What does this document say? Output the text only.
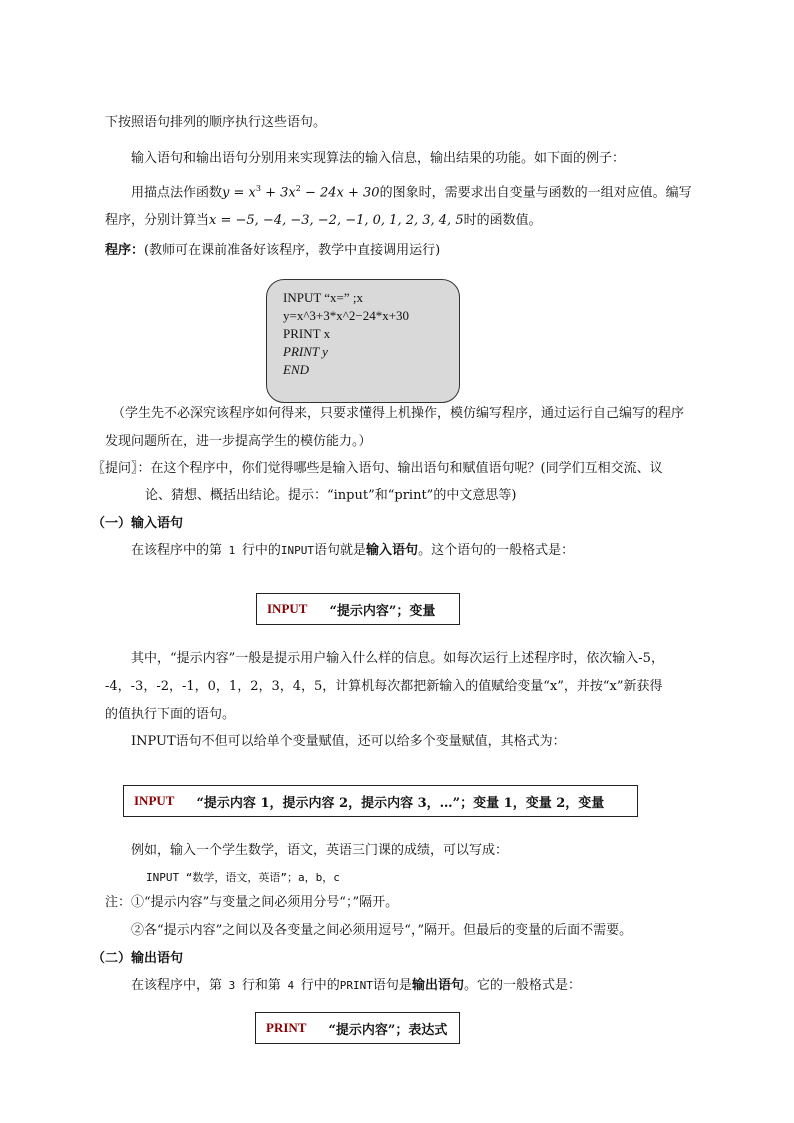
下按照语句排列的顺序执行这些语句。
输入语句和输出语句分别用来实现算法的输入信息，输出结果的功能。如下面的例子：
用描点法作函数$y = x^3 + 3x^2 - 24x + 30$的图象时，需要求出自变量与函数的一组对应值。编写
程序，分别计算当x = −5, −4, −3, −2, −1, 0, 1, 2, 3, 4, 5时的函数值。
程序：(教师可在课前准备好该程序，教学中直接调用运行)
INPUT “x=” ;x
y=x^3+3*x^2−24*x+30
PRINT x
PRINT y
END
（学生先不必深究该程序如何得来，只要求懂得上机操作，模仿编写程序，通过运行自己编写的程序
发现问题所在，进一步提高学生的模仿能力。）
〖提问〗：在这个程序中，你们觉得哪些是输入语句、输出语句和赋值语句呢？(同学们互相交流、议
论、猜想、概括出结论。提示：“input”和“print”的中文意思等)
（一）输入语句
在该程序中的第 1 行中的INPUT语句就是输入语句。这个语句的一般格式是：
INPUT “提示内容”；变量
其中，“提示内容”一般是提示用户输入什么样的信息。如每次运行上述程序时，依次输入-5，
-4，-3，-2，-1，0，1，2，3，4，5，计算机每次都把新输入的值赋给变量“x”，并按“x”新获得
的值执行下面的语句。
INPUT语句不但可以给单个变量赋值，还可以给多个变量赋值，其格式为：
INPUT “提示内容 1，提示内容 2，提示内容 3，…”；变量 1，变量 2，变量
例如，输入一个学生数学，语文，英语三门课的成绩，可以写成：
INPUT “数学，语文，英语”；a，b，c
注：①“提示内容”与变量之间必须用分号“；”隔开。
②各“提示内容”之间以及各变量之间必须用逗号“，”隔开。但最后的变量的后面不需要。
（二）输出语句
在该程序中，第 3 行和第 4 行中的PRINT语句是输出语句。它的一般格式是：
PRINT “提示内容”；表达式
